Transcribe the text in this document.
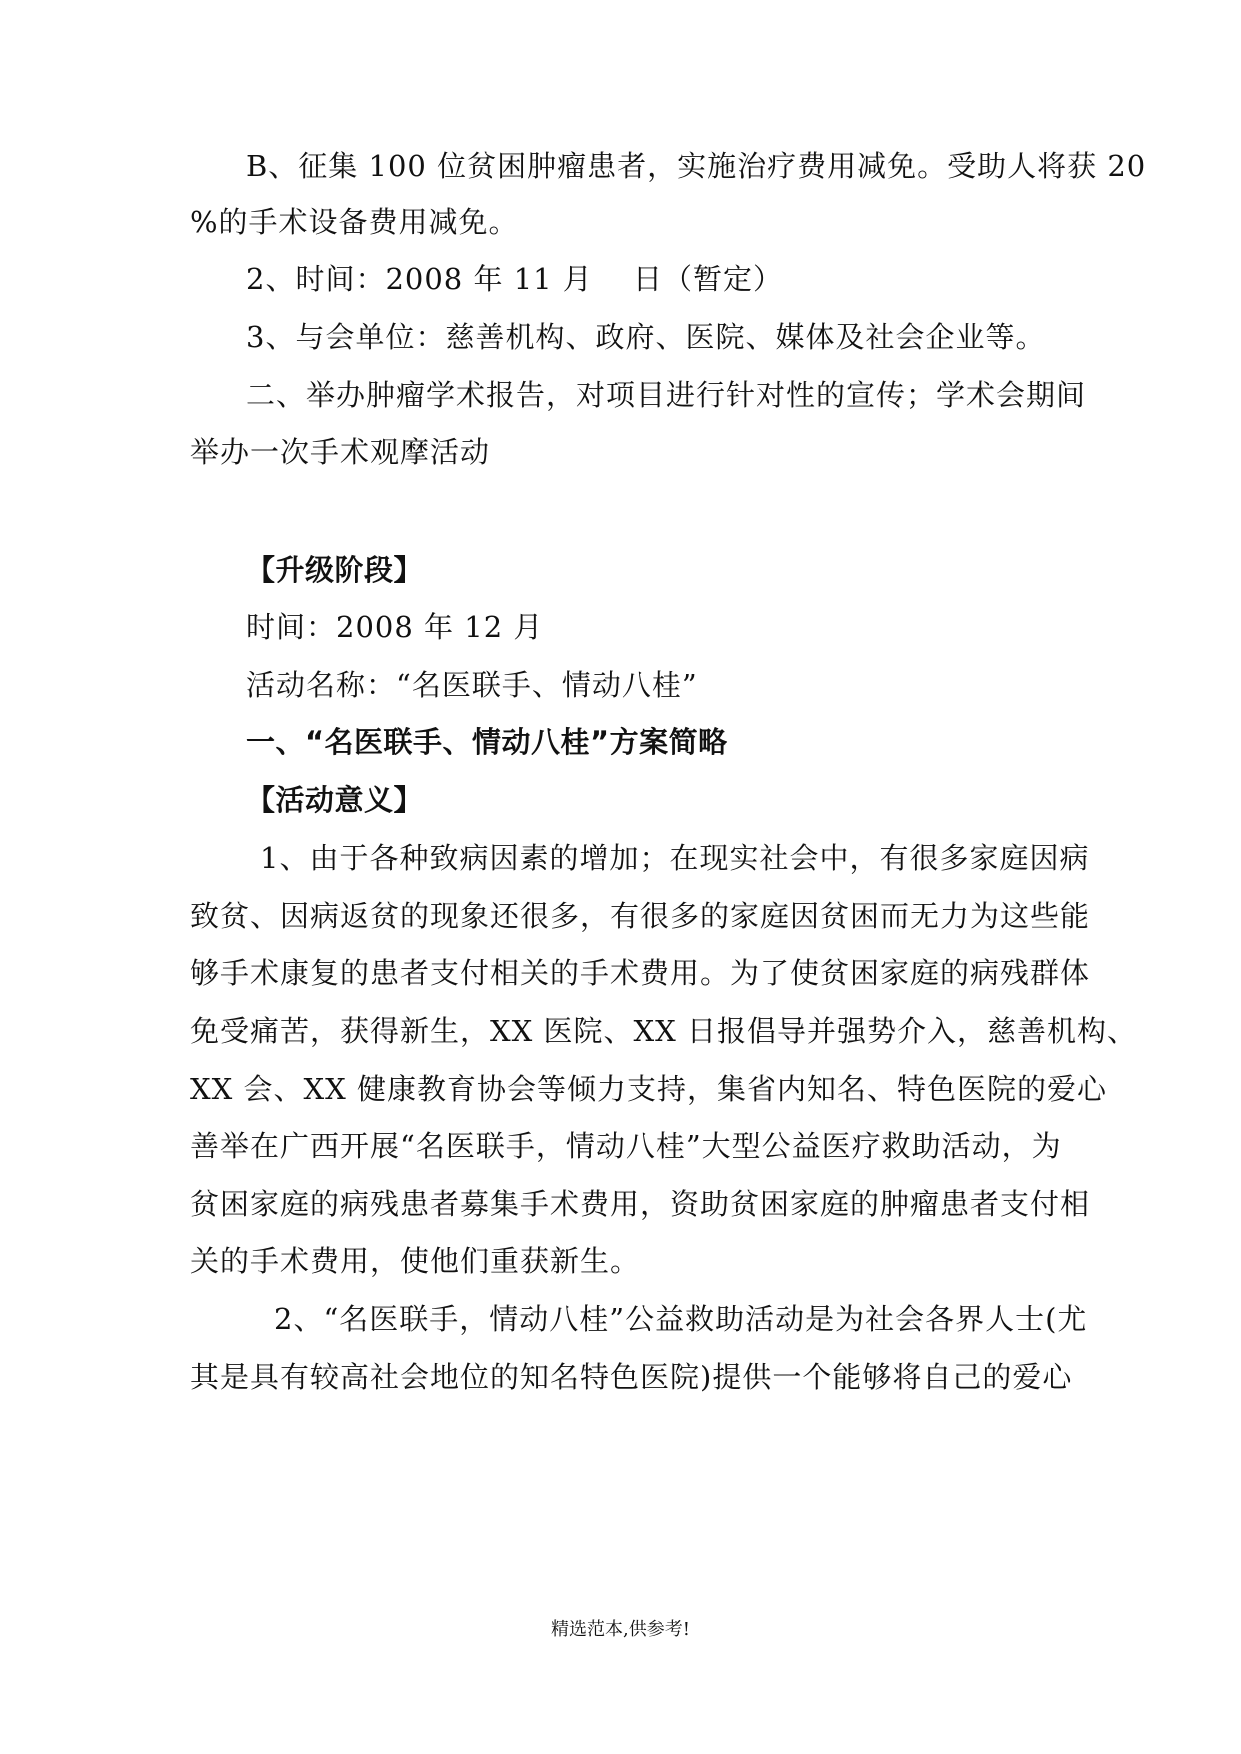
B、征集 100 位贫困肿瘤患者，实施治疗费用减免。受助人将获 20
%的手术设备费用减免。
2、时间：2008 年 11 月　 日（暂定）
3、与会单位：慈善机构、政府、医院、媒体及社会企业等。
二、举办肿瘤学术报告，对项目进行针对性的宣传；学术会期间
举办一次手术观摩活动
【升级阶段】
时间：2008 年 12 月
活动名称：“名医联手、情动八桂”
一、“名医联手、情动八桂”方案简略
【活动意义】
1、由于各种致病因素的增加；在现实社会中，有很多家庭因病
致贫、因病返贫的现象还很多，有很多的家庭因贫困而无力为这些能
够手术康复的患者支付相关的手术费用。为了使贫困家庭的病残群体
免受痛苦，获得新生，XX 医院、XX 日报倡导并强势介入，慈善机构、
XX 会、XX 健康教育协会等倾力支持，集省内知名、特色医院的爱心
善举在广西开展“名医联手，情动八桂”大型公益医疗救助活动，为
贫困家庭的病残患者募集手术费用，资助贫困家庭的肿瘤患者支付相
关的手术费用，使他们重获新生。
2、“名医联手，情动八桂”公益救助活动是为社会各界人士(尤
其是具有较高社会地位的知名特色医院)提供一个能够将自己的爱心
精选范本,供参考!
